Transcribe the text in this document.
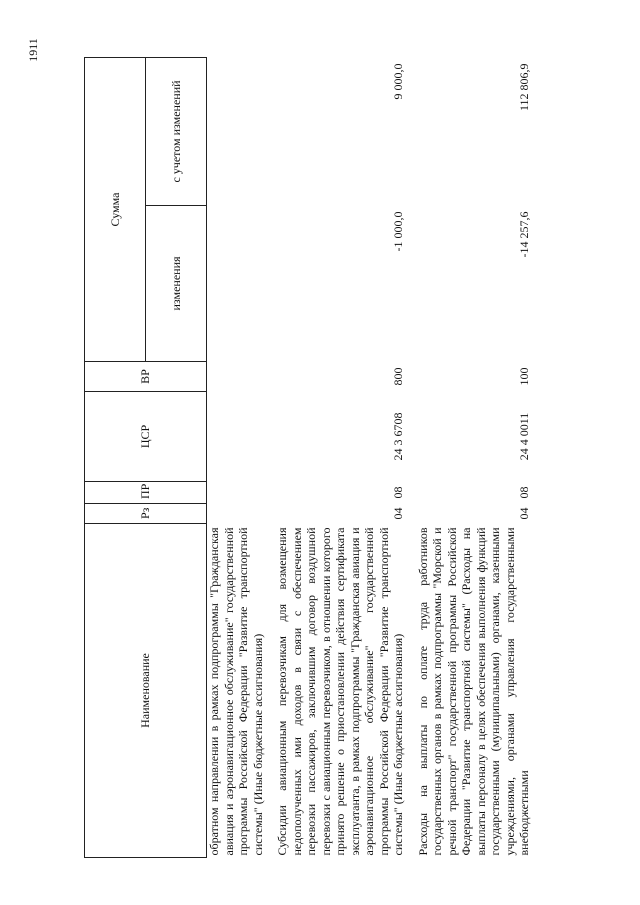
1911
Наименование	Рз	ПР	ЦСР	ВР	Сумма	
					изменения	с учетом изменений

обратном направлении в рамках подпрограммы "Гражданская авиация и аэронавигационное обслуживание" государственной программы Российской Федерации "Развитие транспортной системы" (Иные бюджетные ассигнования)						

Субсидии авиационным перевозчикам для возмещения недополученных ими доходов в связи с обеспечением перевозки пассажиров, заключившим договор воздушной перевозки с авиационным перевозчиком, в отношении которого принято решение о приостановлении действия сертификата эксплуатанта, в рамках подпрограммы "Гражданская авиация и аэронавигационное обслуживание" государственной программы Российской Федерации "Развитие транспортной системы" (Иные бюджетные ассигнования)	04	08	24 3 6708	800	-1 000,0	9 000,0

Расходы на выплаты по оплате труда работников государственных органов в рамках подпрограммы "Морской и речной транспорт" государственной программы Российской Федерации "Развитие транспортной системы" (Расходы на выплаты персоналу в целях обеспечения выполнения функций государственными (муниципальными) органами, казенными учреждениями, органами управления государственными внебюджетными	04	08	24 4 0011	100	-14 257,6	112 806,9
